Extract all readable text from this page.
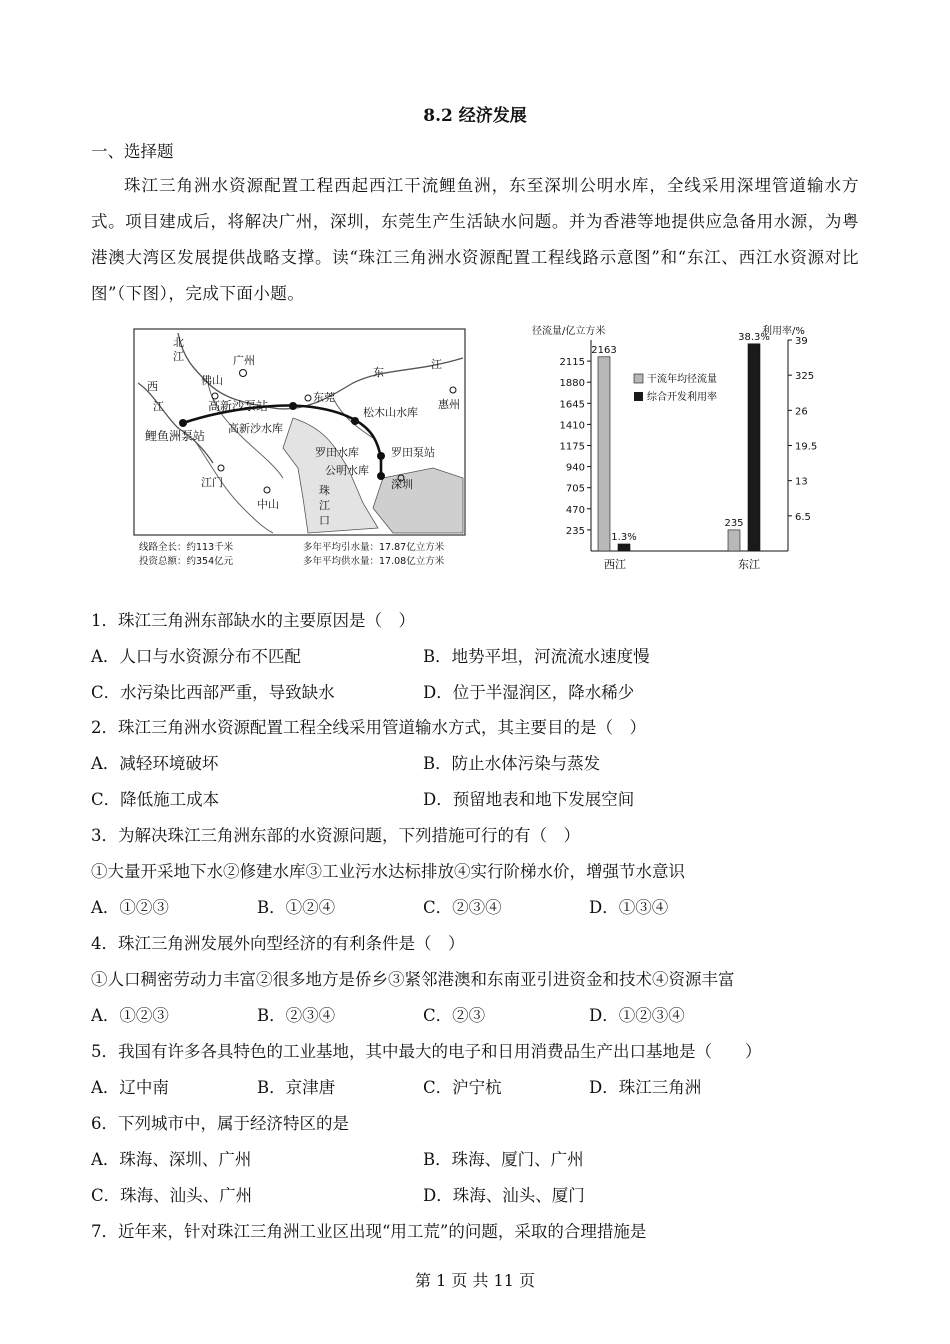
8.2 经济发展
一、选择题
珠江三角洲水资源配置工程西起西江干流鲤鱼洲，东至深圳公明水库，全线采用深埋管道输水方式。项目建成后，将解决广州，深圳，东莞生产生活缺水问题。并为香港等地提供应急备用水源，为粤港澳大湾区发展提供战略支撑。读“珠江三角洲水资源配置工程线路示意图”和“东江、西江水资源对比图”（下图），完成下面小题。
北
江
西
江
广州
佛山
东
江
惠州
高新沙泵站
东莞
松木山水库
鲤鱼洲泵站
高新沙水库
罗田水库	罗田泵站
公明水库
珠
江
口
深圳
江门
中山
线路全长：约113千米
投资总额：约354亿元
多年平均引水量：17.87亿立方米
多年平均供水量：17.08亿立方米
径流量/亿立方米	利用率/%
235
470
705
940
1175
1410
1645
1880
2115
6.5
13
19.5
26
325
39
2163
1.3%
235
38.3%
干流年均径流量
综合开发利用率
西江	东江
1．珠江三角洲东部缺水的主要原因是（　）
A．人口与水资源分布不匹配	B．地势平坦，河流流水速度慢
C．水污染比西部严重，导致缺水	D．位于半湿润区，降水稀少
2．珠江三角洲水资源配置工程全线采用管道输水方式，其主要目的是（　）
A．减轻环境破坏	B．防止水体污染与蒸发
C．降低施工成本	D．预留地表和地下发展空间
3．为解决珠江三角洲东部的水资源问题，下列措施可行的有（　）
①大量开采地下水②修建水库③工业污水达标排放④实行阶梯水价，增强节水意识
A．①②③	B．①②④	C．②③④	D．①③④
4．珠江三角洲发展外向型经济的有利条件是（　）
①人口稠密劳动力丰富②很多地方是侨乡③紧邻港澳和东南亚引进资金和技术④资源丰富
A．①②③	B．②③④	C．②③	D．①②③④
5．我国有许多各具特色的工业基地，其中最大的电子和日用消费品生产出口基地是（　　）
A．辽中南	B．京津唐	C．沪宁杭	D．珠江三角洲
6．下列城市中，属于经济特区的是
A．珠海、深圳、广州	B．珠海、厦门、广州
C．珠海、汕头、广州	D．珠海、汕头、厦门
7．近年来，针对珠江三角洲工业区出现“用工荒”的问题，采取的合理措施是
第 1 页 共 11 页
